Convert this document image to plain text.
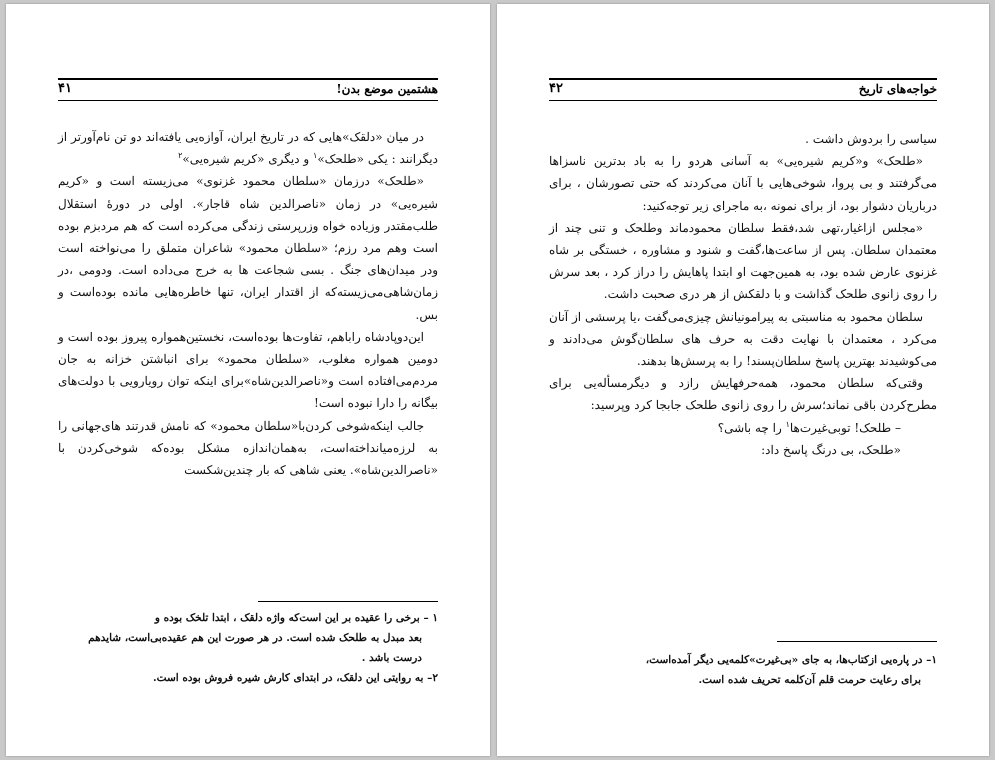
هشتمین موضع بدن!
۴۱

در میان «دلقک»هایی که در تاریخ ایران، آوازه‌یی یافته‌اند دو تن نام‌آورتر از دیگرانند : یکی «طلحک»$^۱$ و دیگری «کریم شیره‌یی»$^۲$

«طلحک» درزمان «سلطان محمود غزنوی» می‌زیسته است و «کریم شیره‌یی» در زمان «ناصرالدین شاه قاجار». اولی در دورهٔ استقلال طلب‌مقتدر وزیاده خواه وزرپرستی زندگی می‌کرده است که هم مردبزم بوده است وهم مرد رزم؛ «سلطان محمود» شاعران متملق را می‌نواخته است ودر میدان‌های جنگ . بسی شجاعت ها به خرج می‌داده است. ودومی ،در زمان‌شاهی‌می‌زیسته‌که از اقتدار ایران، تنها خاطره‌هایی مانده بوده‌است و بس.

این‌دوپادشاه رابا‌هم، تفاوت‌ها بوده‌است، نخستین‌همواره پیروز بوده است و دومین همواره مغلوب، «سلطان محمود» برای انباشتن خزانه به جان مردم‌می‌افتاده است و«ناصرالدین‌شاه»برای اینکه توان رویارویی با دولت‌های بیگانه را دارا نبوده است!

جالب اینکه‌شوخی کردن‌با«سلطان محمود» که نامش قدرتند های‌جهانی را به لرزه‌میانداخته‌است، به‌همان‌اندازه مشکل بوده‌که شوخی‌کردن با «ناصرالدین‌شاه». یعنی شاهی که بار چندین‌شکست

۱ – برخی را عقیده بر این است‌که واژه دلقک ، ابتدا تلخک بوده و

بعد مبدل به طلحک شده است. در هر صورت این هم عقیده‌بی‌است، شایدهم درست باشد .

۲– به روایتی این دلقک، در ابتدای کارش شیره فروش بوده است.

خواجه‌های تاریخ
۴۲

سیاسی را بردوش داشت .

«طلحک» و«کریم شیره‌یی» به آسانی هردو را به باد بدترین ناسزاها می‌گرفتند و بی پروا، شوخی‌هایی با آنان می‌کردند که حتی تصورشان ، برای درباریان دشوار بود، از برای نمونه ،به ماجرای زیر توجه‌کنید:

«مجلس ازاغیار،تهی شد،فقط سلطان محمودماند وطلحک و تنی چند از معتمدان سلطان. پس از ساعت‌ها،گفت و شنود و مشاوره ، خستگی بر شاه غزنوی عارض شده بود، به همین‌جهت او ابتدا پاهایش را دراز کرد ، بعد سرش را روی زانوی طلحک گذاشت و با دلقکش از هر دری صحبت داشت.

سلطان محمود به مناسبتی به پیرامونیانش چیزی‌می‌گفت ،یا پرسشی از آنان می‌کرد ، معتمدان با نهایت دقت به حرف های سلطان‌گوش می‌دادند و می‌کوشیدند بهترین پاسخ سلطان‌پسند! را به پرسش‌ها بدهند.

وقتی‌که سلطان محمود، همه‌حرفهایش رازد و دیگرمسأله‌یی برای مطرح‌کردن باقی نماند؛سرش را روی زانوی طلحک جابجا کرد وپرسید:

– طلحک! توبی‌غیرت‌ها$^۱$ را چه باشی؟

«طلحک، بی درنگ پاسخ داد:

۱– در پاره‌یی ازکتاب‌ها، به جای «بی‌غیرت»کلمه‌یی دیگر آمده‌است،

برای رعایت حرمت قلم آن‌کلمه تحریف شده است.
